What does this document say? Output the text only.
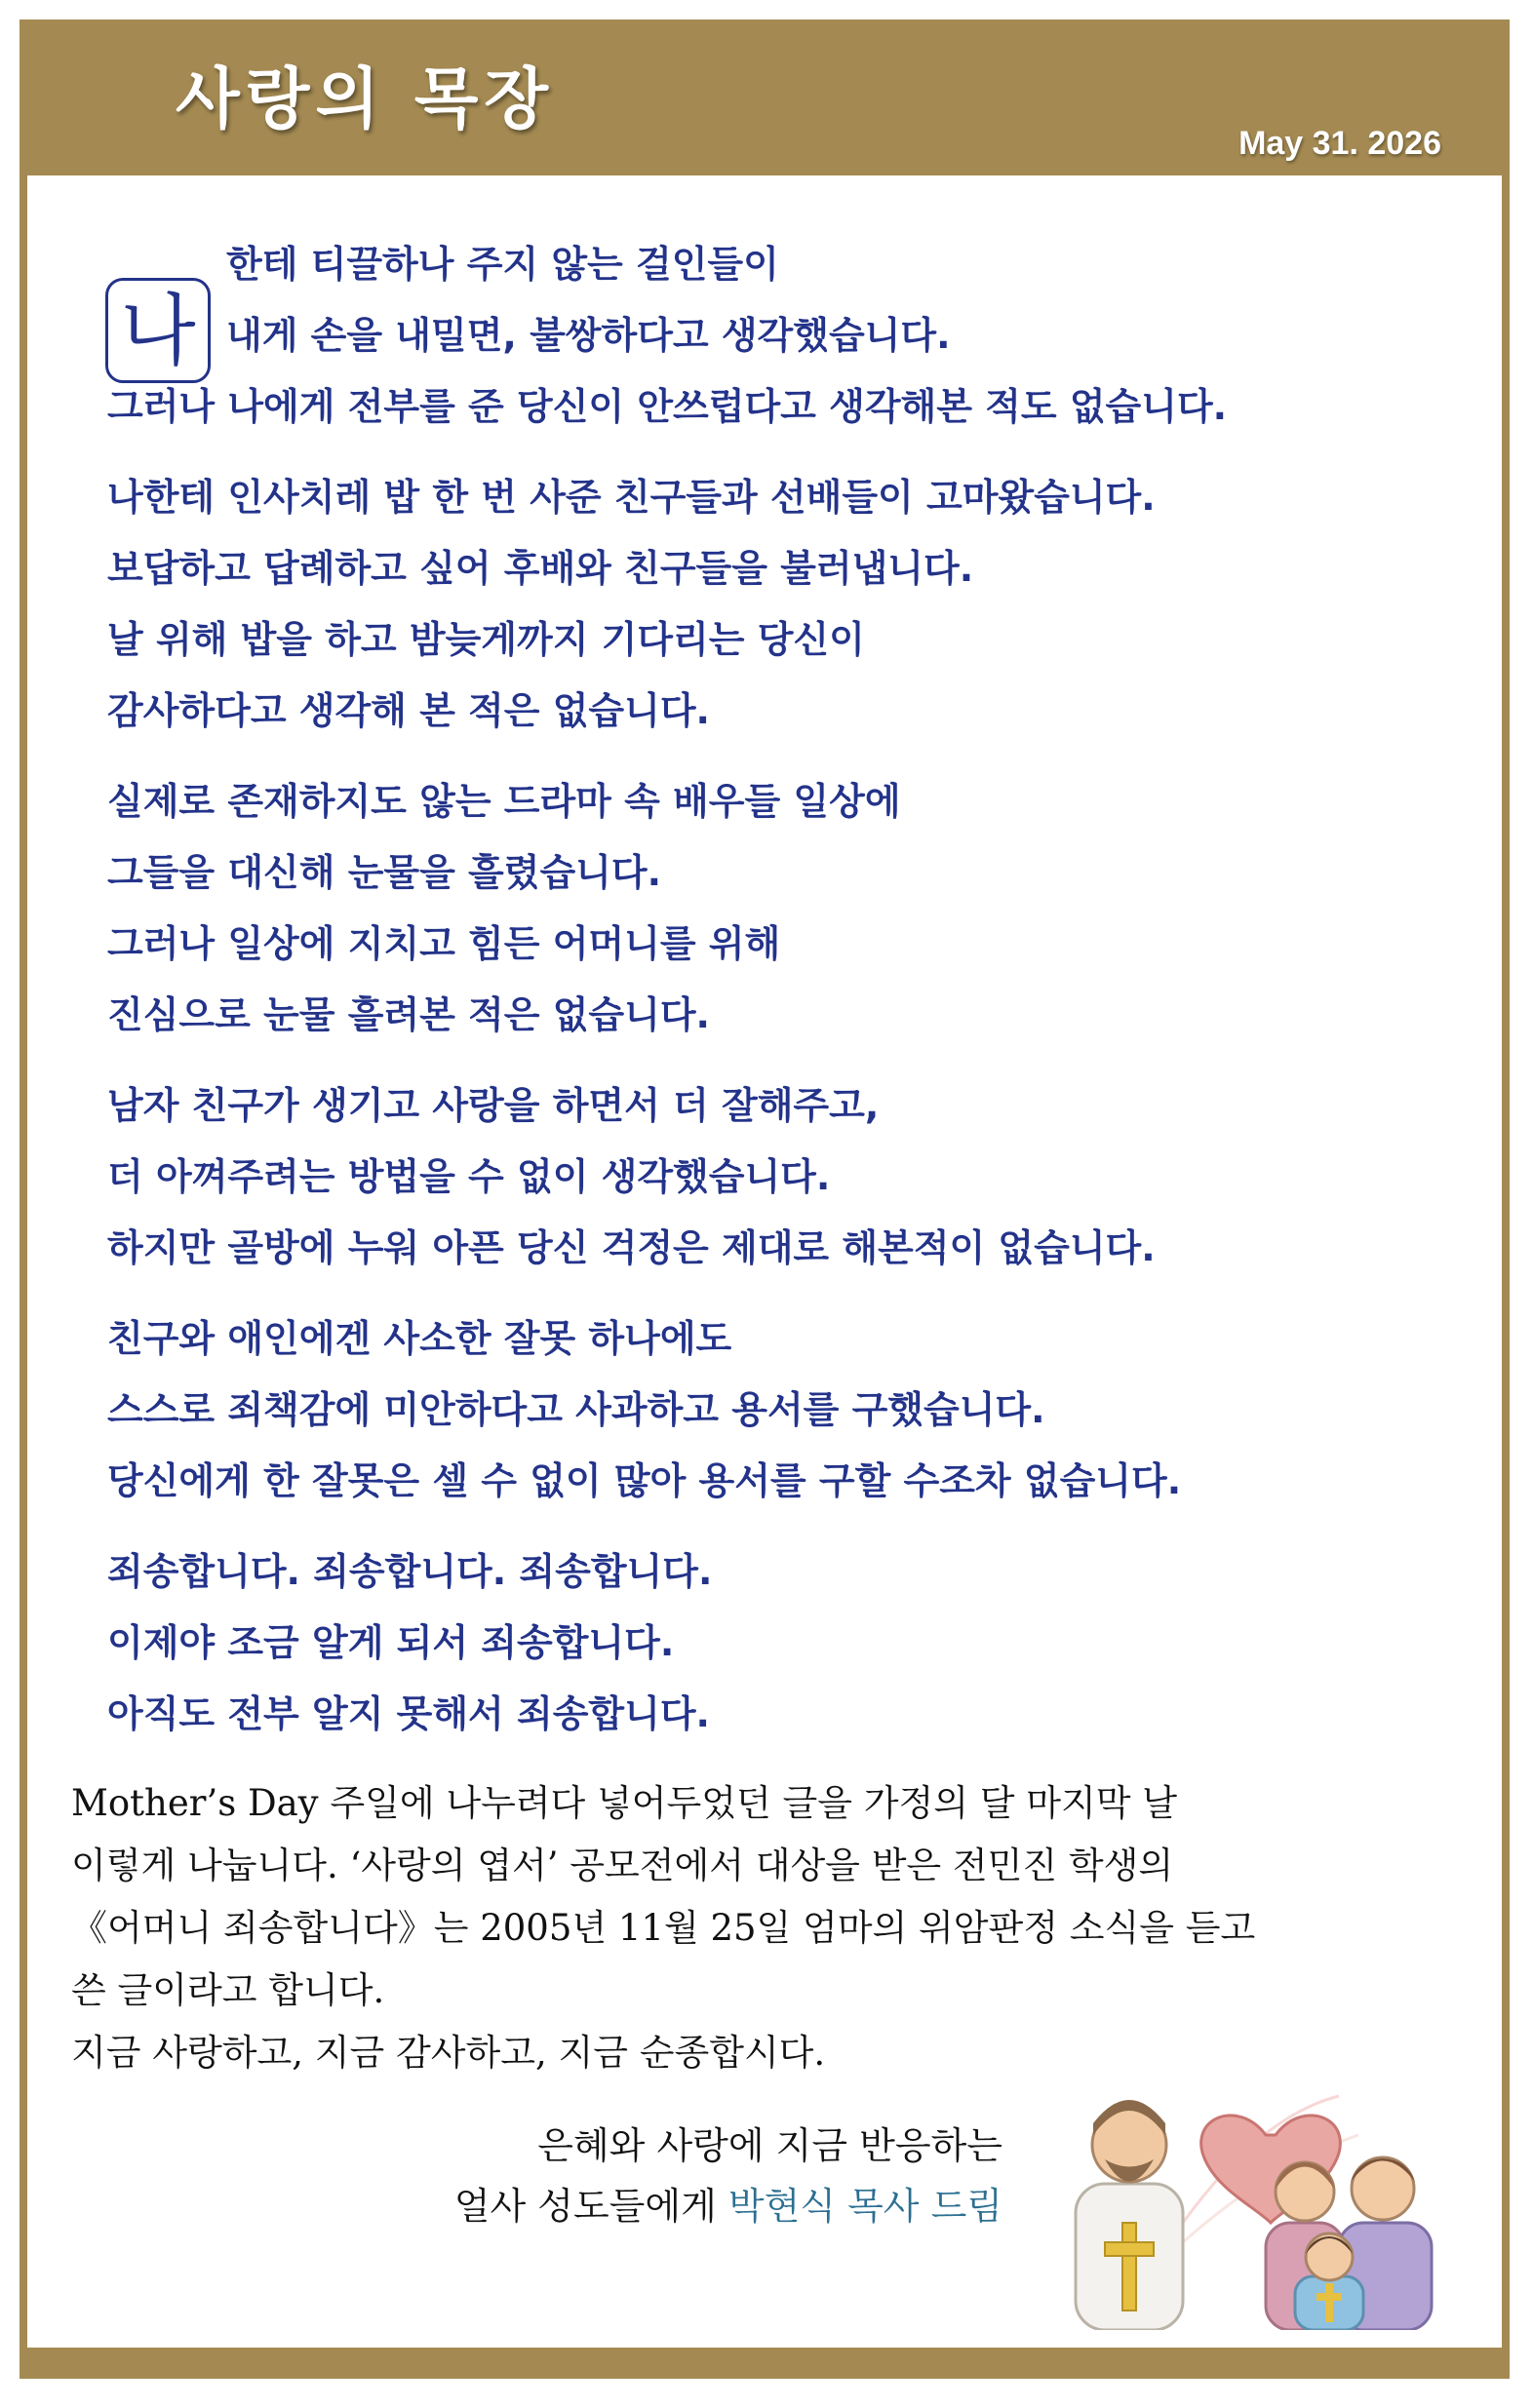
사랑의 목장
May 31. 2026
나
한테 티끌하나 주지 않는 걸인들이
내게 손을 내밀면, 불쌍하다고 생각했습니다.
그러나 나에게 전부를 준 당신이 안쓰럽다고 생각해본 적도 없습니다.
나한테 인사치레 밥 한 번 사준 친구들과 선배들이 고마왔습니다.
보답하고 답례하고 싶어 후배와 친구들을 불러냅니다.
날 위해 밥을 하고 밤늦게까지 기다리는 당신이
감사하다고 생각해 본 적은 없습니다.
실제로 존재하지도 않는 드라마 속 배우들 일상에
그들을 대신해 눈물을 흘렸습니다.
그러나 일상에 지치고 힘든 어머니를 위해
진심으로 눈물 흘려본 적은 없습니다.
남자 친구가 생기고 사랑을 하면서 더 잘해주고,
더 아껴주려는 방법을 수 없이 생각했습니다.
하지만 골방에 누워 아픈 당신 걱정은 제대로 해본적이 없습니다.
친구와 애인에겐 사소한 잘못 하나에도
스스로 죄책감에 미안하다고 사과하고 용서를 구했습니다.
당신에게 한 잘못은 셀 수 없이 많아 용서를 구할 수조차 없습니다.
죄송합니다. 죄송합니다. 죄송합니다.
이제야 조금 알게 되서 죄송합니다.
아직도 전부 알지 못해서 죄송합니다.
Mother’s Day 주일에 나누려다 넣어두었던 글을 가정의 달 마지막 날
이렇게 나눕니다. ‘사랑의 엽서’ 공모전에서 대상을 받은 전민진 학생의
《어머니 죄송합니다》는 2005년 11월 25일 엄마의 위암판정 소식을 듣고
쓴 글이라고 합니다.
지금 사랑하고, 지금 감사하고, 지금 순종합시다.
은혜와 사랑에 지금 반응하는
얼사 성도들에게 박현식 목사 드림
